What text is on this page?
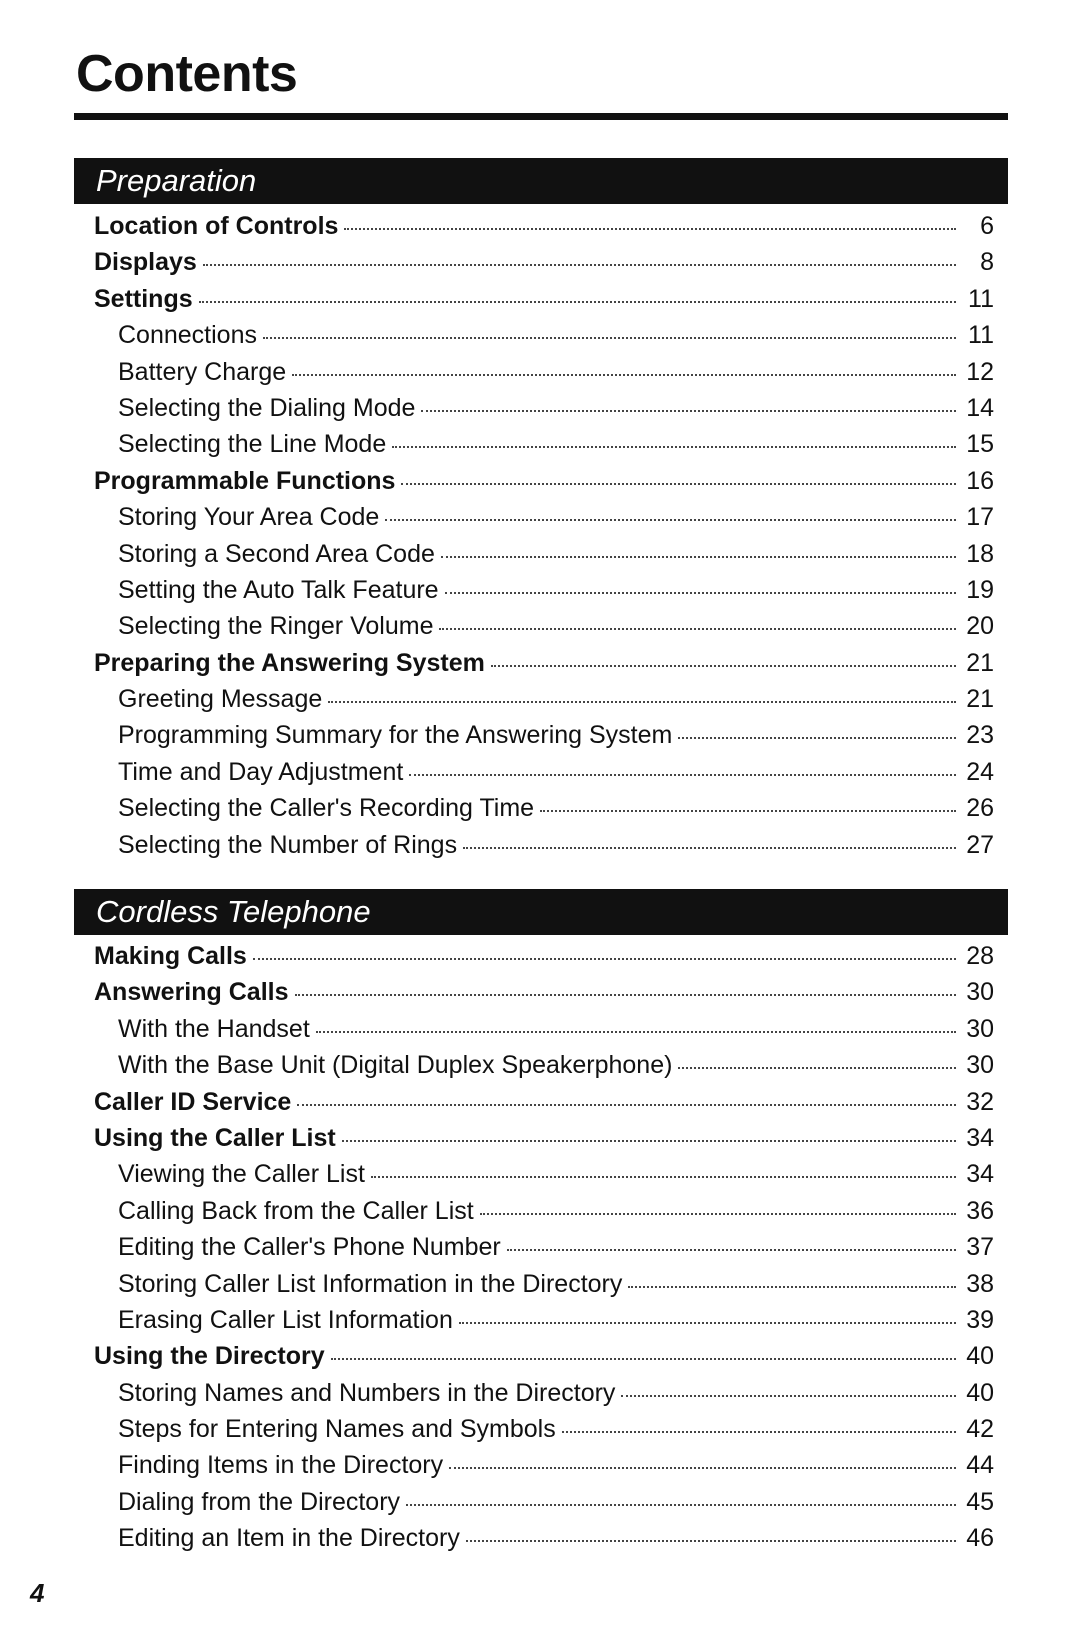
Contents
Preparation
Location of Controls	6
Displays	8
Settings	11
Connections	11
Battery Charge	12
Selecting the Dialing Mode	14
Selecting the Line Mode	15
Programmable Functions	16
Storing Your Area Code	17
Storing a Second Area Code	18
Setting the Auto Talk Feature	19
Selecting the Ringer Volume	20
Preparing the Answering System	21
Greeting Message	21
Programming Summary for the Answering System	23
Time and Day Adjustment	24
Selecting the Caller's Recording Time	26
Selecting the Number of Rings	27
Cordless Telephone
Making Calls	28
Answering Calls	30
With the Handset	30
With the Base Unit (Digital Duplex Speakerphone)	30
Caller ID Service	32
Using the Caller List	34
Viewing the Caller List	34
Calling Back from the Caller List	36
Editing the Caller's Phone Number	37
Storing Caller List Information in the Directory	38
Erasing Caller List Information	39
Using the Directory	40
Storing Names and Numbers in the Directory	40
Steps for Entering Names and Symbols	42
Finding Items in the Directory	44
Dialing from the Directory	45
Editing an Item in the Directory	46
4
